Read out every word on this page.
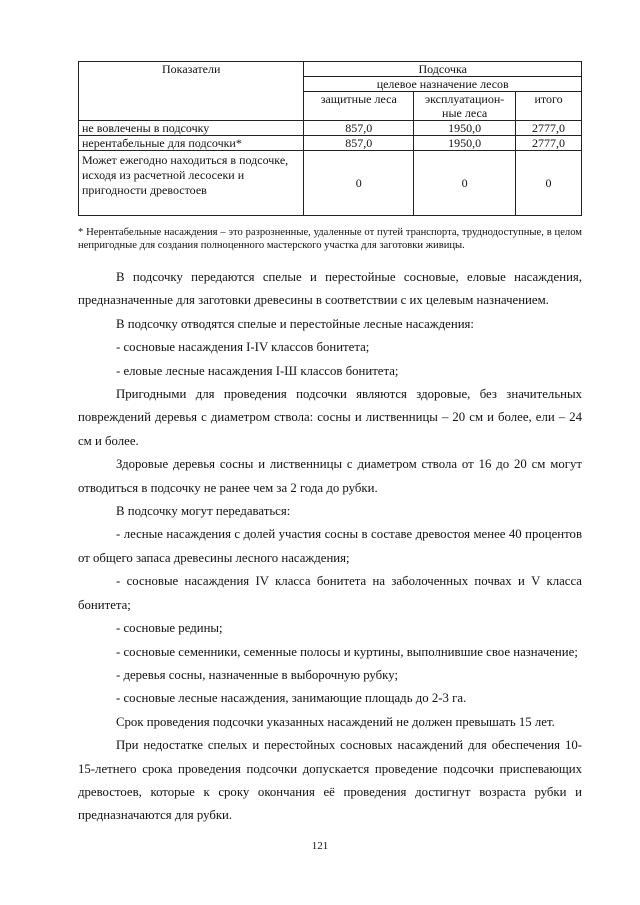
Показатели	Подсочка		
	целевое назначение лесов		
	защитные леса	эксплуатацион-ные леса	итого
не вовлечены в подсочку	857,0	1950,0	2777,0
нерентабельные для подсочки*	857,0	1950,0	2777,0
Может ежегодно находиться в подсочке, исходя из расчетной лесосеки и пригодности древостоев	0	0	0
* Нерентабельные насаждения – это разрозненные, удаленные от путей транспорта, труднодоступные, в целом непригодные для создания полноценного мастерского участка для заготовки живицы.

В подсочку передаются спелые и перестойные сосновые, еловые насаждения, предназначенные для заготовки древесины в соответствии с их целевым назначением.

В подсочку отводятся спелые и перестойные лесные насаждения:

- сосновые насаждения I-IV классов бонитета;

- еловые лесные насаждения I-Ш классов бонитета;

Пригодными для проведения подсочки являются здоровые, без значительных повреждений деревья с диаметром ствола: сосны и лиственницы – 20 см и более, ели – 24 см и более.

Здоровые деревья сосны и лиственницы с диаметром ствола от 16 до 20 см могут отводиться в подсочку не ранее чем за 2 года до рубки.

В подсочку могут передаваться:

- лесные насаждения с долей участия сосны в составе древостоя менее 40 процентов от общего запаса древесины лесного насаждения;

- сосновые насаждения IV класса бонитета на заболоченных почвах и V класса бонитета;

- сосновые редины;

- сосновые семенники, семенные полосы и куртины, выполнившие свое назначение;

- деревья сосны, назначенные в выборочную рубку;

- сосновые лесные насаждения, занимающие площадь до 2-3 га.

Срок проведения подсочки указанных насаждений не должен превышать 15 лет.

При недостатке спелых и перестойных сосновых насаждений для обеспечения 10-15-летнего срока проведения подсочки допускается проведение подсочки приспевающих древостоев, которые к сроку окончания её проведения достигнут возраста рубки и предназначаются для рубки.

121
